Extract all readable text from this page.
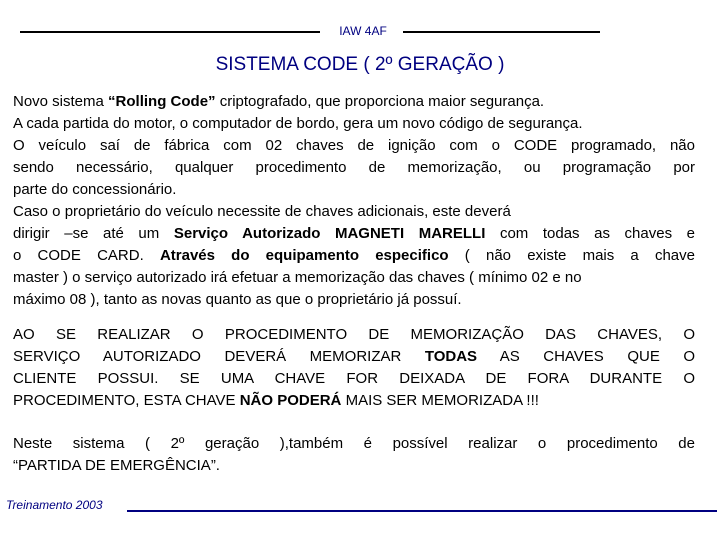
IAW 4AF
SISTEMA CODE ( 2º GERAÇÃO )
Novo sistema “Rolling Code” criptografado, que proporciona maior segurança.
A cada partida do motor, o computador de bordo, gera um novo código de segurança.
O veículo saí de fábrica com 02 chaves de ignição com o CODE programado, não
sendo necessário, qualquer procedimento de memorização, ou programação por
parte do concessionário.
Caso o proprietário do veículo necessite de chaves adicionais, este deverá
dirigir –se até um Serviço Autorizado MAGNETI MARELLI com todas as chaves e
o CODE CARD. Através do equipamento especifico ( não existe mais a chave
master ) o serviço autorizado irá efetuar a memorização das chaves ( mínimo 02 e no
máximo 08 ), tanto as novas quanto as que o proprietário já possuí.
AO SE REALIZAR O PROCEDIMENTO DE MEMORIZAÇÃO DAS CHAVES, O
SERVIÇO AUTORIZADO DEVERÁ MEMORIZAR TODAS AS CHAVES QUE O
CLIENTE POSSUI. SE UMA CHAVE FOR DEIXADA DE FORA DURANTE O
PROCEDIMENTO, ESTA CHAVE NÃO PODERÁ MAIS SER MEMORIZADA !!!
Neste sistema ( 2º geração ),também é possível realizar o procedimento de
“PARTIDA DE EMERGÊNCIA”.
Treinamento 2003
